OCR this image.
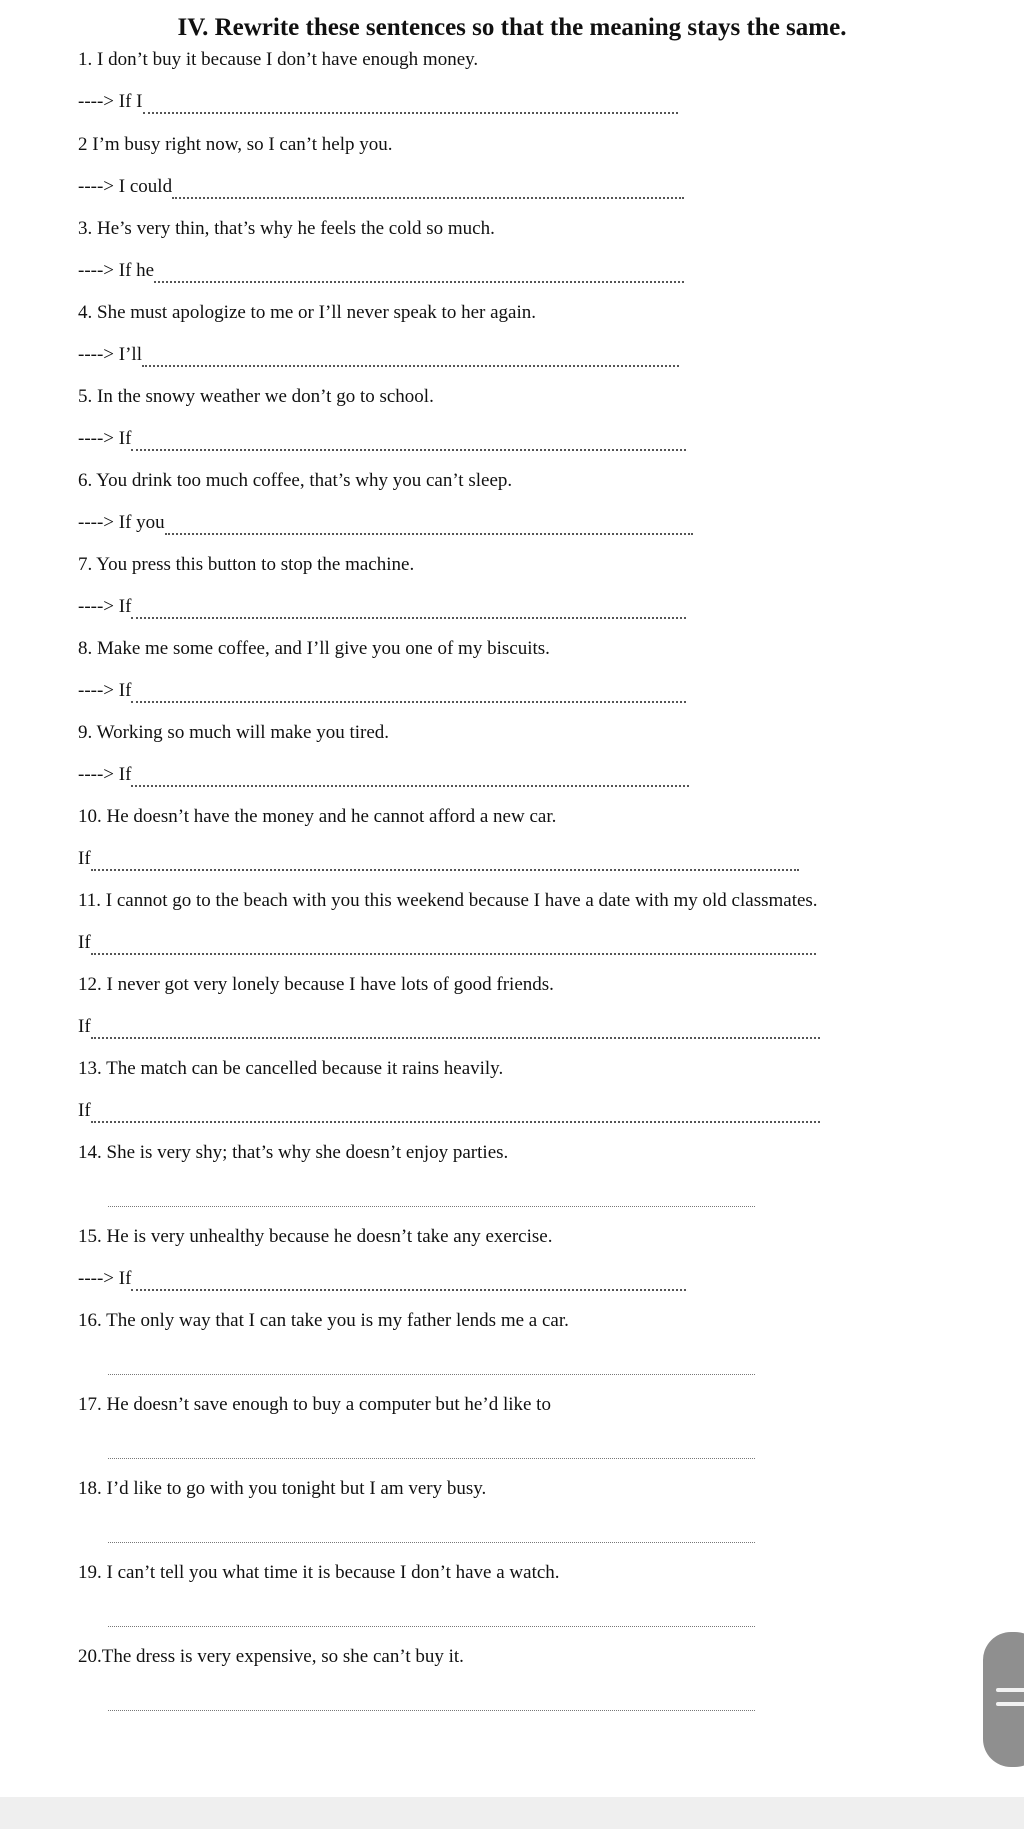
IV. Rewrite these sentences so that the meaning stays the same.
1. I don’t buy it because I don’t have enough money.
----> If I
2 I’m busy right now, so I can’t help you.
----> I could
3. He’s very thin, that’s why he feels the cold so much.
----> If he
4. She must apologize to me or I’ll never speak to her again.
----> I’ll
5. In the snowy weather we don’t go to school.
----> If
6. You drink too much coffee, that’s why you can’t sleep.
----> If you
7. You press this button to stop the machine.
----> If
8. Make me some coffee, and I’ll give you one of my biscuits.
----> If
9. Working so much will make you tired.
----> If
10. He doesn’t have the money and he cannot afford a new car.
If
11. I cannot go to the beach with you this weekend because I have a date with my old classmates.
If
12. I never got very lonely because I have lots of good friends.
If
13. The match can be cancelled because it rains heavily.
If
14. She is very shy; that’s why she doesn’t enjoy parties.
15. He is very unhealthy because he doesn’t take any exercise.
----> If
16. The only way that I can take you is my father lends me a car.
17. He doesn’t save enough to buy a computer but he’d like to
18. I’d like to go with you tonight but I am very busy.
19. I can’t tell you what time it is because I don’t have a watch.
20.The dress is very expensive, so she can’t buy it.
